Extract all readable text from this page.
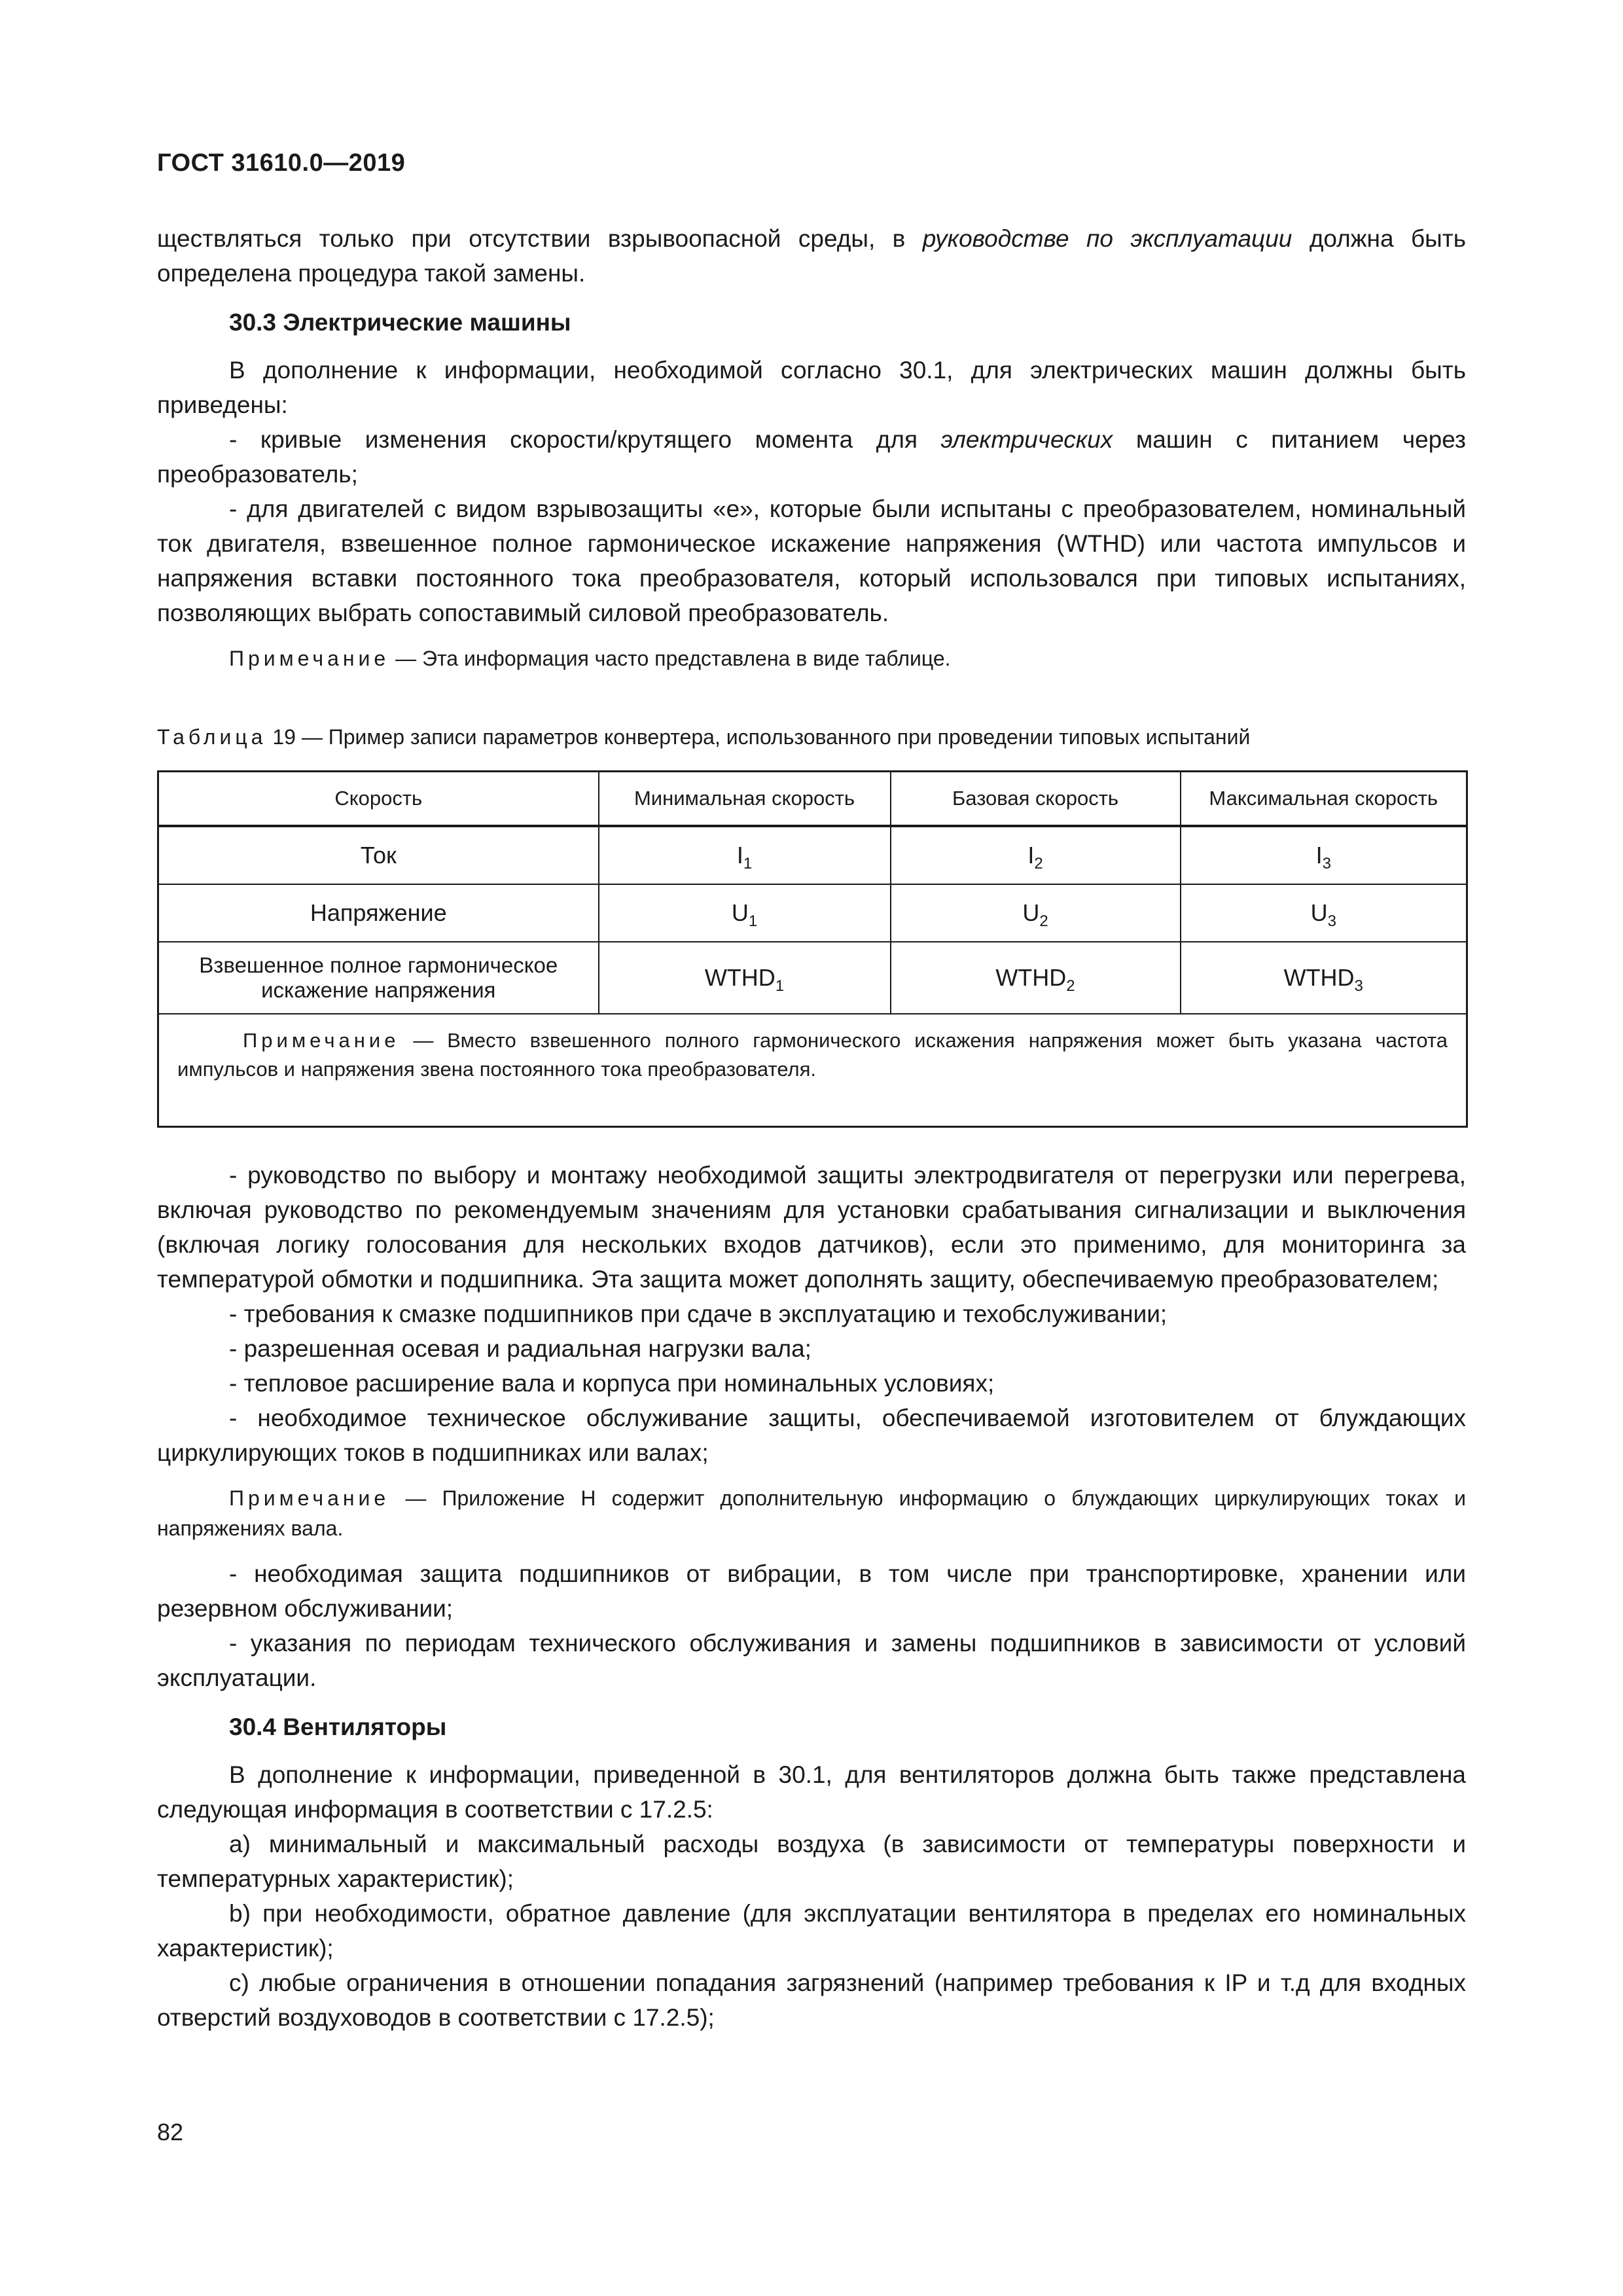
ГОСТ 31610.0—2019

ществляться только при отсутствии взрывоопасной среды, в руководстве по эксплуатации должна быть определена процедура такой замены.

30.3 Электрические машины

В дополнение к информации, необходимой согласно 30.1, для электрических машин должны быть приведены:

- кривые изменения скорости/крутящего момента для электрических машин с питанием через преобразователь;

- для двигателей с видом взрывозащиты «е», которые были испытаны с преобразователем, номинальный ток двигателя, взвешенное полное гармоническое искажение напряжения (WTHD) или частота импульсов и напряжения вставки постоянного тока преобразователя, который использовался при типовых испытаниях, позволяющих выбрать сопоставимый силовой преобразователь.

Примечание — Эта информация часто представлена в виде таблице.

Таблица 19 — Пример записи параметров конвертера, использованного при проведении типовых испытаний

Скорость	Минимальная скорость	Базовая скорость	Максимальная скорость
Ток	$I_1$	$I_2$	$I_3$
Напряжение	$U_1$	$U_2$	$U_3$
Взвешенное полное гармоническое искажение напряжения	$WTHD_1$	$WTHD_2$	$WTHD_3$

Примечание — Вместо взвешенного полного гармонического искажения напряжения может быть указана частота импульсов и напряжения звена постоянного тока преобразователя.			

- руководство по выбору и монтажу необходимой защиты электродвигателя от перегрузки или перегрева, включая руководство по рекомендуемым значениям для установки срабатывания сигнализации и выключения (включая логику голосования для нескольких входов датчиков), если это применимо, для мониторинга за температурой обмотки и подшипника. Эта защита может дополнять защиту, обеспечиваемую преобразователем;

- требования к смазке подшипников при сдаче в эксплуатацию и техобслуживании;

- разрешенная осевая и радиальная нагрузки вала;

- тепловое расширение вала и корпуса при номинальных условиях;

- необходимое техническое обслуживание защиты, обеспечиваемой изготовителем от блуждающих циркулирующих токов в подшипниках или валах;

Примечание — Приложение Н содержит дополнительную информацию о блуждающих циркулирующих токах и напряжениях вала.

- необходимая защита подшипников от вибрации, в том числе при транспортировке, хранении или резервном обслуживании;

- указания по периодам технического обслуживания и замены подшипников в зависимости от условий эксплуатации.

30.4 Вентиляторы

В дополнение к информации, приведенной в 30.1, для вентиляторов должна быть также представлена следующая информация в соответствии с 17.2.5:

a) минимальный и максимальный расходы воздуха (в зависимости от температуры поверхности и температурных характеристик);

b) при необходимости, обратное давление (для эксплуатации вентилятора в пределах его номинальных характеристик);

c) любые ограничения в отношении попадания загрязнений (например требования к IP и т.д для входных отверстий воздуховодов в соответствии с 17.2.5);

82
